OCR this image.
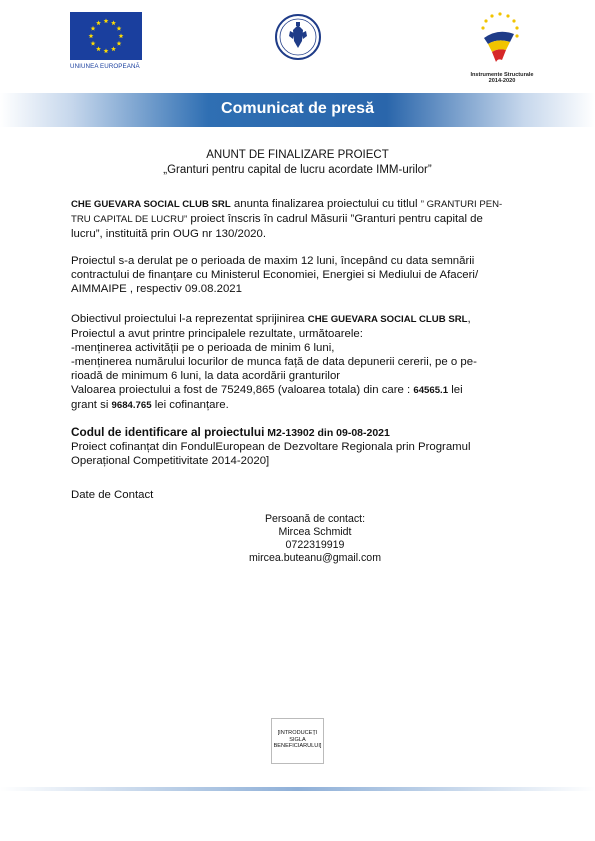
UNIUNEA EUROPEANĂ
Instrumente Structurale
2014-2020
Comunicat de presă
ANUNT DE FINALIZARE PROIECT
„Granturi pentru capital de lucru acordate IMM-urilor”
CHE GUEVARA SOCIAL CLUB SRL anunta finalizarea proiectului cu titlul ” GRANTURI PEN-
TRU CAPITAL DE LUCRU” proiect înscris în cadrul Măsurii ”Granturi pentru capital de
lucru”, instituită prin OUG nr 130/2020.
Proiectul s-a derulat pe o perioada de maxim 12 luni, începând cu data semnării
contractului de finanțare cu Ministerul Economiei, Energiei si Mediului de Afaceri/
AIMMAIPE , respectiv 09.08.2021
Obiectivul proiectului l-a reprezentat sprijinirea CHE GUEVARA SOCIAL CLUB SRL,
Proiectul a avut printre principalele rezultate, următoarele:
-menținerea activității pe o perioada de minim 6 luni,
-menținerea numărului locurilor de munca față de data depunerii cererii, pe o pe-
rioadă de minimum 6 luni, la data acordării granturilor
Valoarea proiectului a fost de 75249,865 (valoarea totala) din care : 64565.1 lei
grant si 9684.765 lei cofinanțare.
Codul de identificare al proiectului M2-13902 din 09-08-2021
Proiect cofinanțat din FondulEuropean de Dezvoltare Regionala prin Programul
Operațional Competitivitate 2014-2020]
Date de Contact
Persoană de contact:
Mircea Schmidt
0722319919
mircea.buteanu@gmail.com
[INTRODUCEȚI
SIGLA
BENEFICIARULUI]
